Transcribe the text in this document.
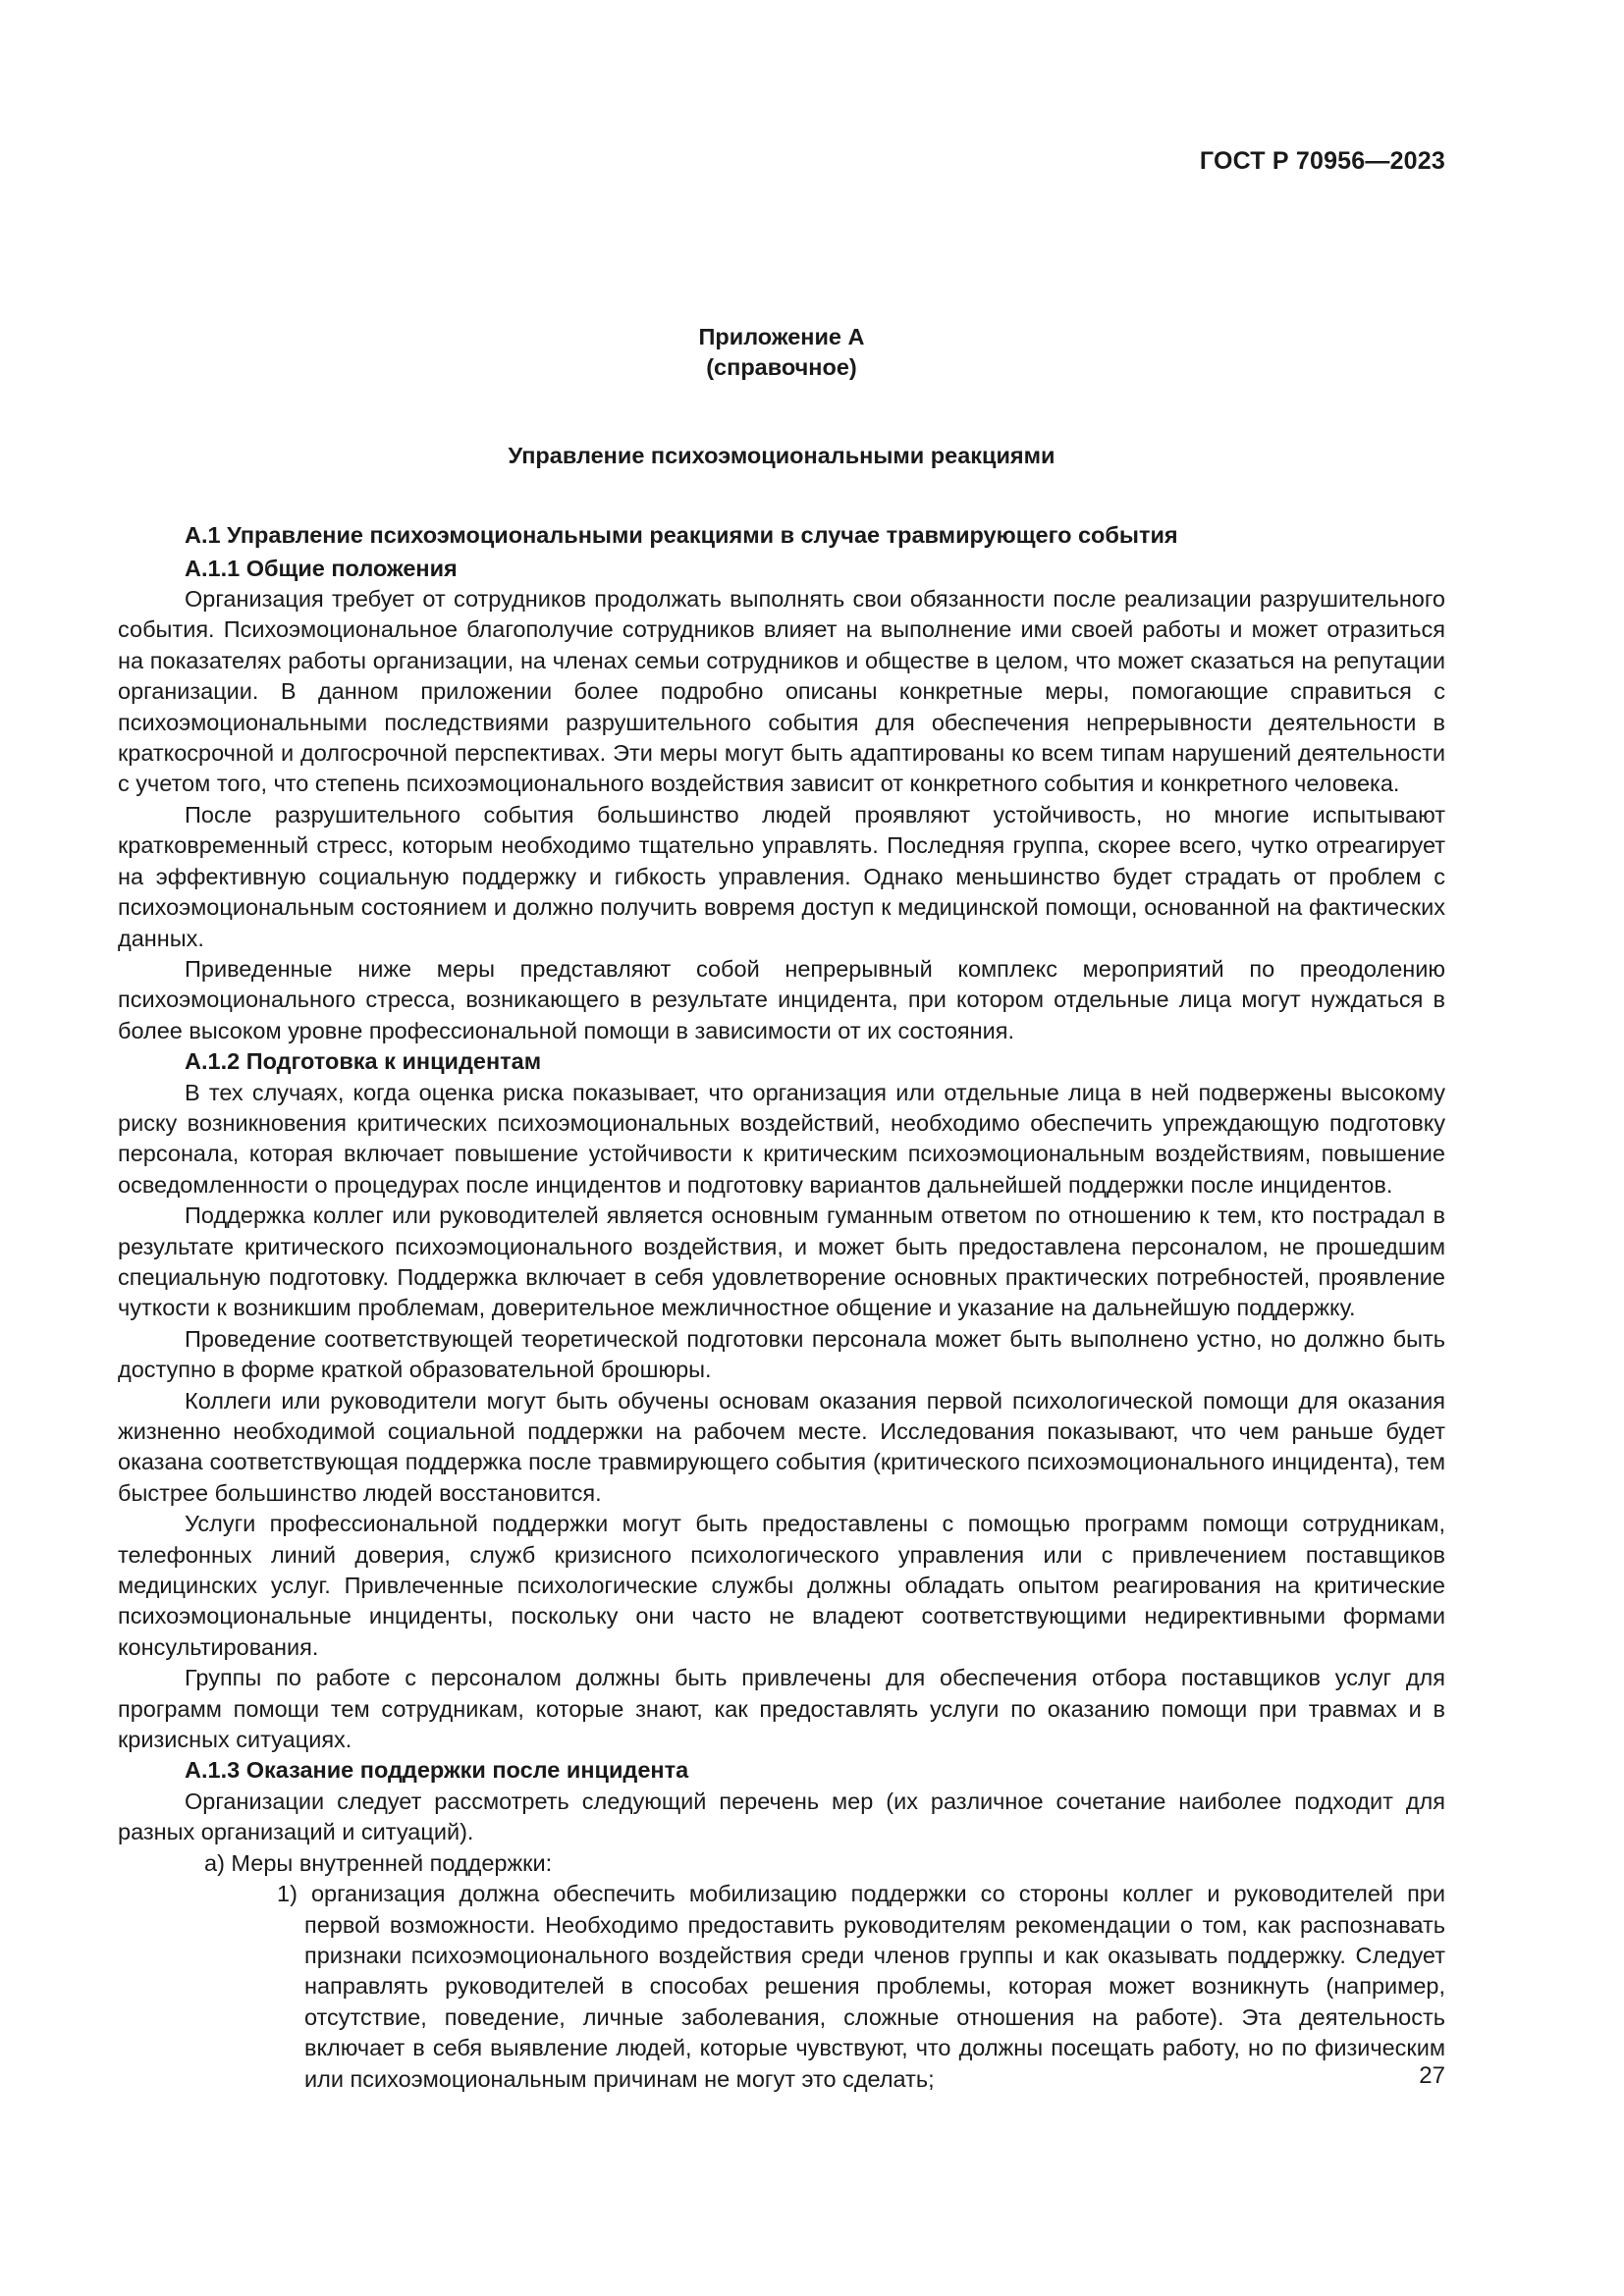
ГОСТ Р 70956—2023

Приложение А

(справочное)

Управление психоэмоциональными реакциями

А.1 Управление психоэмоциональными реакциями в случае травмирующего события

А.1.1 Общие положения

Организация требует от сотрудников продолжать выполнять свои обязанности после реализации разрушительного события. Психоэмоциональное благополучие сотрудников влияет на выполнение ими своей работы и может отразиться на показателях работы организации, на членах семьи сотрудников и обществе в целом, что может сказаться на репутации организации. В данном приложении более подробно описаны конкретные меры, помогающие справиться с психоэмоциональными последствиями разрушительного события для обеспечения непрерывности деятельности в краткосрочной и долгосрочной перспективах. Эти меры могут быть адаптированы ко всем типам нарушений деятельности с учетом того, что степень психоэмоционального воздействия зависит от конкретного события и конкретного человека.

После разрушительного события большинство людей проявляют устойчивость, но многие испытывают кратковременный стресс, которым необходимо тщательно управлять. Последняя группа, скорее всего, чутко отреагирует на эффективную социальную поддержку и гибкость управления. Однако меньшинство будет страдать от проблем с психоэмоциональным состоянием и должно получить вовремя доступ к медицинской помощи, основанной на фактических данных.

Приведенные ниже меры представляют собой непрерывный комплекс мероприятий по преодолению психоэмоционального стресса, возникающего в результате инцидента, при котором отдельные лица могут нуждаться в более высоком уровне профессиональной помощи в зависимости от их состояния.

А.1.2 Подготовка к инцидентам

В тех случаях, когда оценка риска показывает, что организация или отдельные лица в ней подвержены высокому риску возникновения критических психоэмоциональных воздействий, необходимо обеспечить упреждающую подготовку персонала, которая включает повышение устойчивости к критическим психоэмоциональным воздействиям, повышение осведомленности о процедурах после инцидентов и подготовку вариантов дальнейшей поддержки после инцидентов.

Поддержка коллег или руководителей является основным гуманным ответом по отношению к тем, кто пострадал в результате критического психоэмоционального воздействия, и может быть предоставлена персоналом, не прошедшим специальную подготовку. Поддержка включает в себя удовлетворение основных практических потребностей, проявление чуткости к возникшим проблемам, доверительное межличностное общение и указание на дальнейшую поддержку.

Проведение соответствующей теоретической подготовки персонала может быть выполнено устно, но должно быть доступно в форме краткой образовательной брошюры.

Коллеги или руководители могут быть обучены основам оказания первой психологической помощи для оказания жизненно необходимой социальной поддержки на рабочем месте. Исследования показывают, что чем раньше будет оказана соответствующая поддержка после травмирующего события (критического психоэмоционального инцидента), тем быстрее большинство людей восстановится.

Услуги профессиональной поддержки могут быть предоставлены с помощью программ помощи сотрудникам, телефонных линий доверия, служб кризисного психологического управления или с привлечением поставщиков медицинских услуг. Привлеченные психологические службы должны обладать опытом реагирования на критические психоэмоциональные инциденты, поскольку они часто не владеют соответствующими недирективными формами консультирования.

Группы по работе с персоналом должны быть привлечены для обеспечения отбора поставщиков услуг для программ помощи тем сотрудникам, которые знают, как предоставлять услуги по оказанию помощи при травмах и в кризисных ситуациях.

А.1.3 Оказание поддержки после инцидента

Организации следует рассмотреть следующий перечень мер (их различное сочетание наиболее подходит для разных организаций и ситуаций).

а) Меры внутренней поддержки:

1) организация должна обеспечить мобилизацию поддержки со стороны коллег и руководителей при первой возможности. Необходимо предоставить руководителям рекомендации о том, как распознавать признаки психоэмоционального воздействия среди членов группы и как оказывать поддержку. Следует направлять руководителей в способах решения проблемы, которая может возникнуть (например, отсутствие, поведение, личные заболевания, сложные отношения на работе). Эта деятельность включает в себя выявление людей, которые чувствуют, что должны посещать работу, но по физическим или психоэмоциональным причинам не могут это сделать;	27
